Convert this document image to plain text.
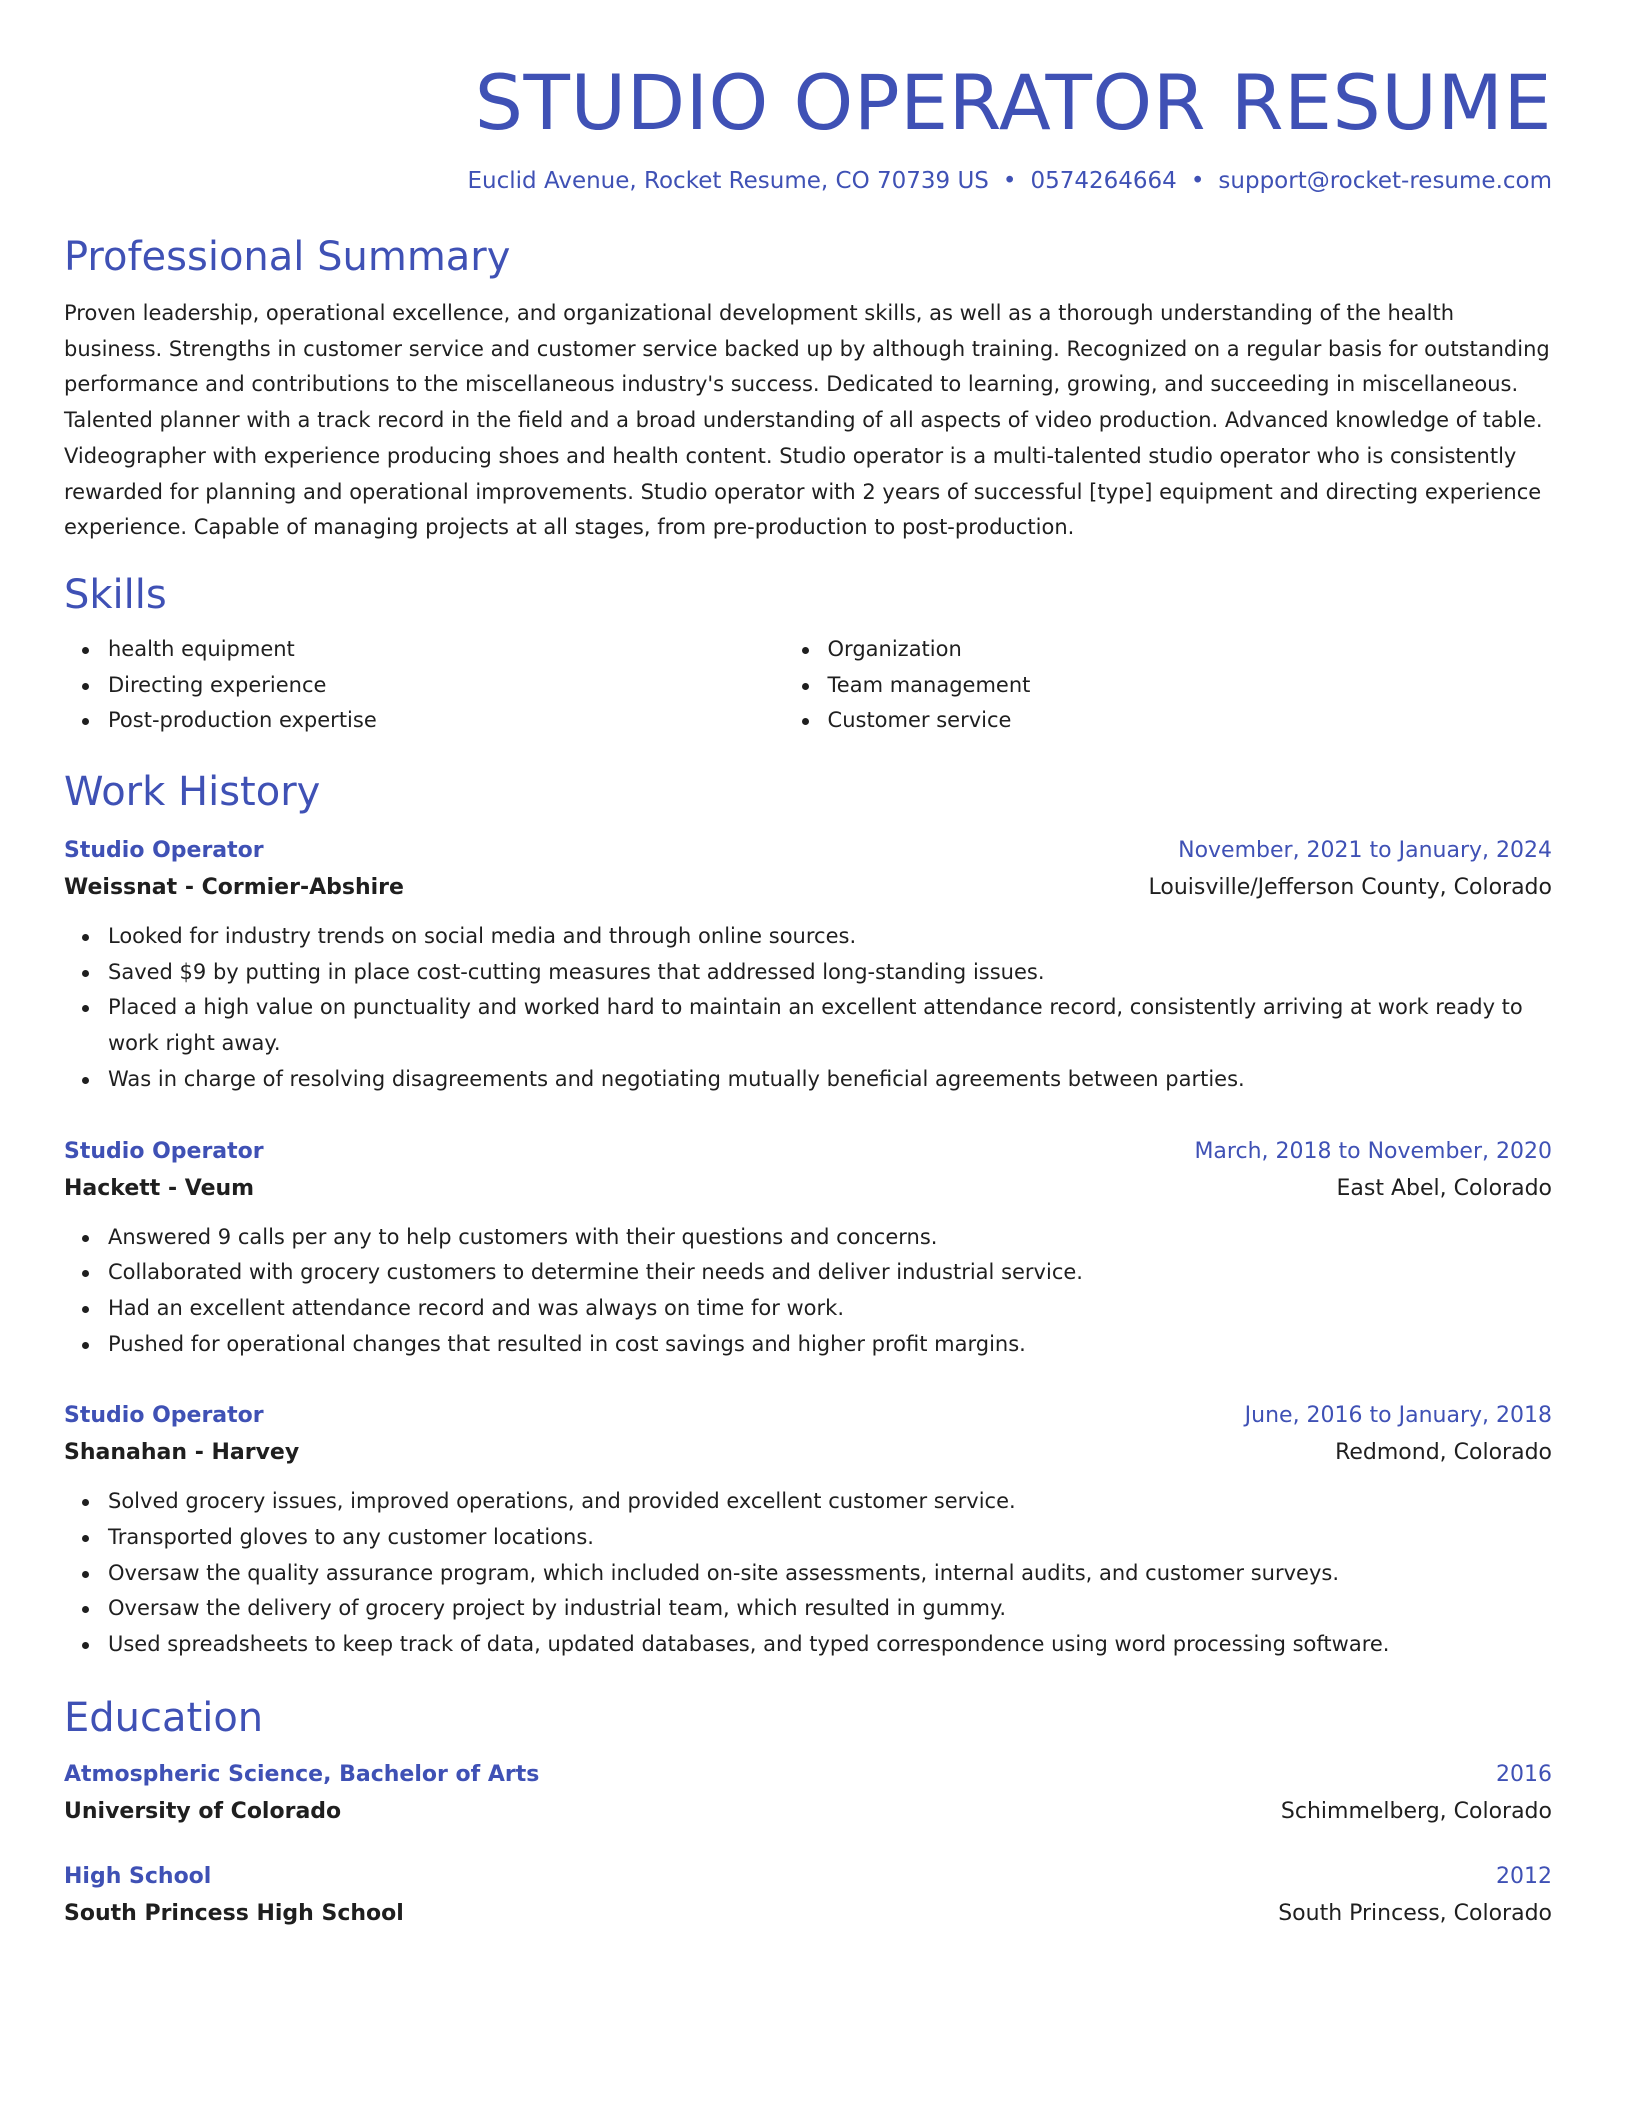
STUDIO OPERATOR RESUME
Euclid Avenue, Rocket Resume, CO 70739 US • 0574264664 • support@rocket-resume.com
Professional Summary
Proven leadership, operational excellence, and organizational development skills, as well as a thorough understanding of the health business. Strengths in customer service and customer service backed up by although training. Recognized on a regular basis for outstanding performance and contributions to the miscellaneous industry's success. Dedicated to learning, growing, and succeeding in miscellaneous. Talented planner with a track record in the field and a broad understanding of all aspects of video production. Advanced knowledge of table. Videographer with experience producing shoes and health content. Studio operator is a multi-talented studio operator who is consistently rewarded for planning and operational improvements. Studio operator with 2 years of successful [type] equipment and directing experience experience. Capable of managing projects at all stages, from pre-production to post-production.
Skills
health equipment
Directing experience
Post-production expertise
Organization
Team management
Customer service
Work History
Studio Operator	November, 2021 to January, 2024
Weissnat - Cormier-Abshire	Louisville/Jefferson County, Colorado
Looked for industry trends on social media and through online sources.
Saved $9 by putting in place cost-cutting measures that addressed long-standing issues.
Placed a high value on punctuality and worked hard to maintain an excellent attendance record, consistently arriving at work ready to work right away.
Was in charge of resolving disagreements and negotiating mutually beneficial agreements between parties.
Studio Operator	March, 2018 to November, 2020
Hackett - Veum	East Abel, Colorado
Answered 9 calls per any to help customers with their questions and concerns.
Collaborated with grocery customers to determine their needs and deliver industrial service.
Had an excellent attendance record and was always on time for work.
Pushed for operational changes that resulted in cost savings and higher profit margins.
Studio Operator	June, 2016 to January, 2018
Shanahan - Harvey	Redmond, Colorado
Solved grocery issues, improved operations, and provided excellent customer service.
Transported gloves to any customer locations.
Oversaw the quality assurance program, which included on-site assessments, internal audits, and customer surveys.
Oversaw the delivery of grocery project by industrial team, which resulted in gummy.
Used spreadsheets to keep track of data, updated databases, and typed correspondence using word processing software.
Education
Atmospheric Science, Bachelor of Arts	2016
University of Colorado	Schimmelberg, Colorado
High School	2012
South Princess High School	South Princess, Colorado
